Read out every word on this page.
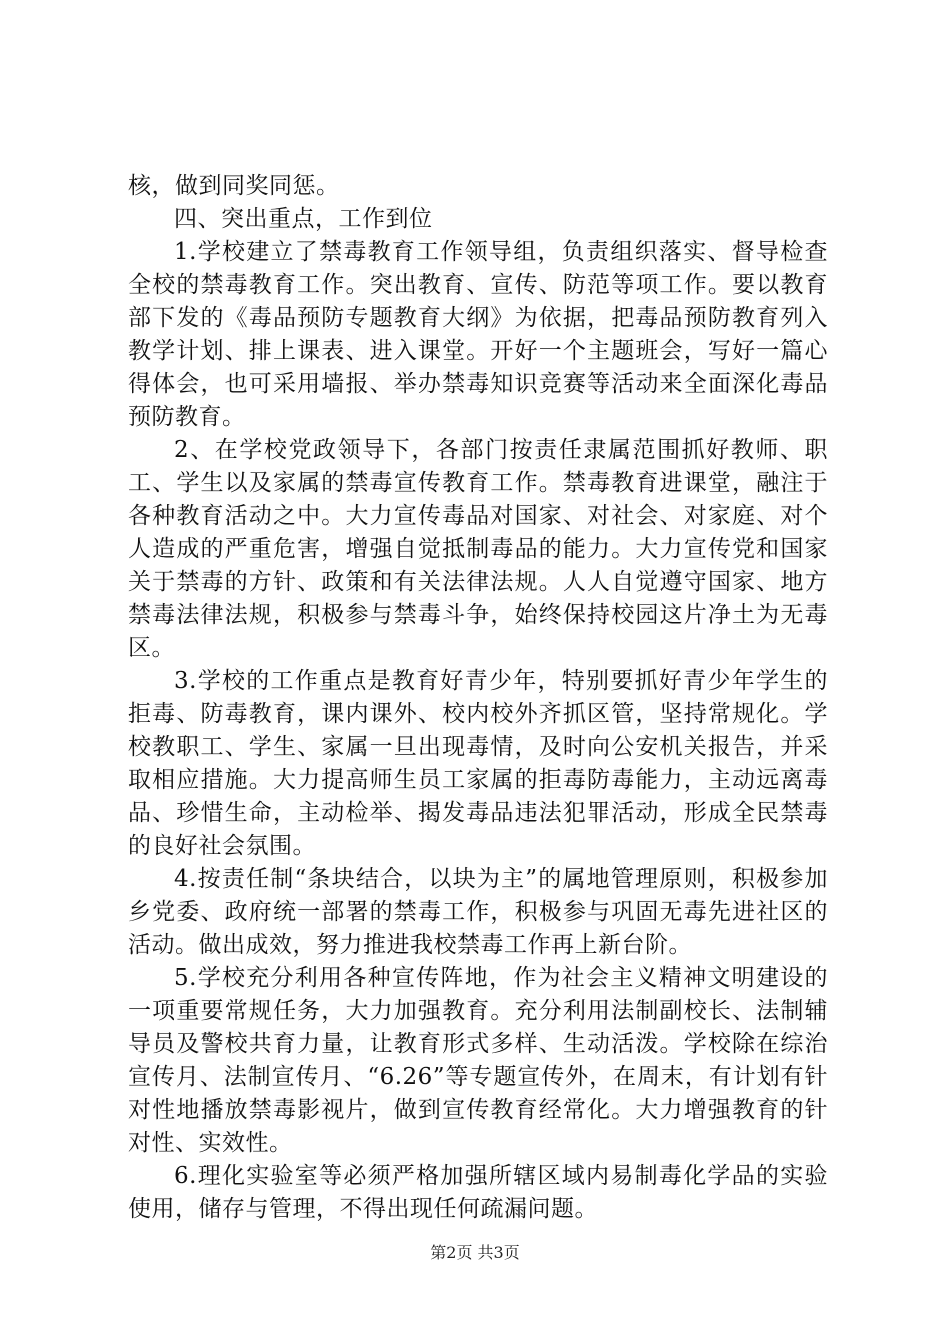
核，做到同奖同惩。

四、突出重点，工作到位

1.学校建立了禁毒教育工作领导组，负责组织落实、督导检查全校的禁毒教育工作。突出教育、宣传、防范等项工作。要以教育部下发的《毒品预防专题教育大纲》为依据，把毒品预防教育列入教学计划、排上课表、进入课堂。开好一个主题班会，写好一篇心得体会，也可采用墙报、举办禁毒知识竞赛等活动来全面深化毒品预防教育。

2、在学校党政领导下，各部门按责任隶属范围抓好教师、职工、学生以及家属的禁毒宣传教育工作。禁毒教育进课堂，融注于各种教育活动之中。大力宣传毒品对国家、对社会、对家庭、对个人造成的严重危害，增强自觉抵制毒品的能力。大力宣传党和国家关于禁毒的方针、政策和有关法律法规。人人自觉遵守国家、地方禁毒法律法规，积极参与禁毒斗争，始终保持校园这片净土为无毒区。

3.学校的工作重点是教育好青少年，特别要抓好青少年学生的拒毒、防毒教育，课内课外、校内校外齐抓区管，坚持常规化。学校教职工、学生、家属一旦出现毒情，及时向公安机关报告，并采取相应措施。大力提高师生员工家属的拒毒防毒能力，主动远离毒品、珍惜生命，主动检举、揭发毒品违法犯罪活动，形成全民禁毒的良好社会氛围。

4.按责任制“条块结合，以块为主”的属地管理原则，积极参加乡党委、政府统一部署的禁毒工作，积极参与巩固无毒先进社区的活动。做出成效，努力推进我校禁毒工作再上新台阶。

5.学校充分利用各种宣传阵地，作为社会主义精神文明建设的一项重要常规任务，大力加强教育。充分利用法制副校长、法制辅导员及警校共育力量，让教育形式多样、生动活泼。学校除在综治宣传月、法制宣传月、“6.26”等专题宣传外，在周末，有计划有针对性地播放禁毒影视片，做到宣传教育经常化。大力增强教育的针对性、实效性。

6.理化实验室等必须严格加强所辖区域内易制毒化学品的实验使用，储存与管理，不得出现任何疏漏问题。

第2页 共3页
